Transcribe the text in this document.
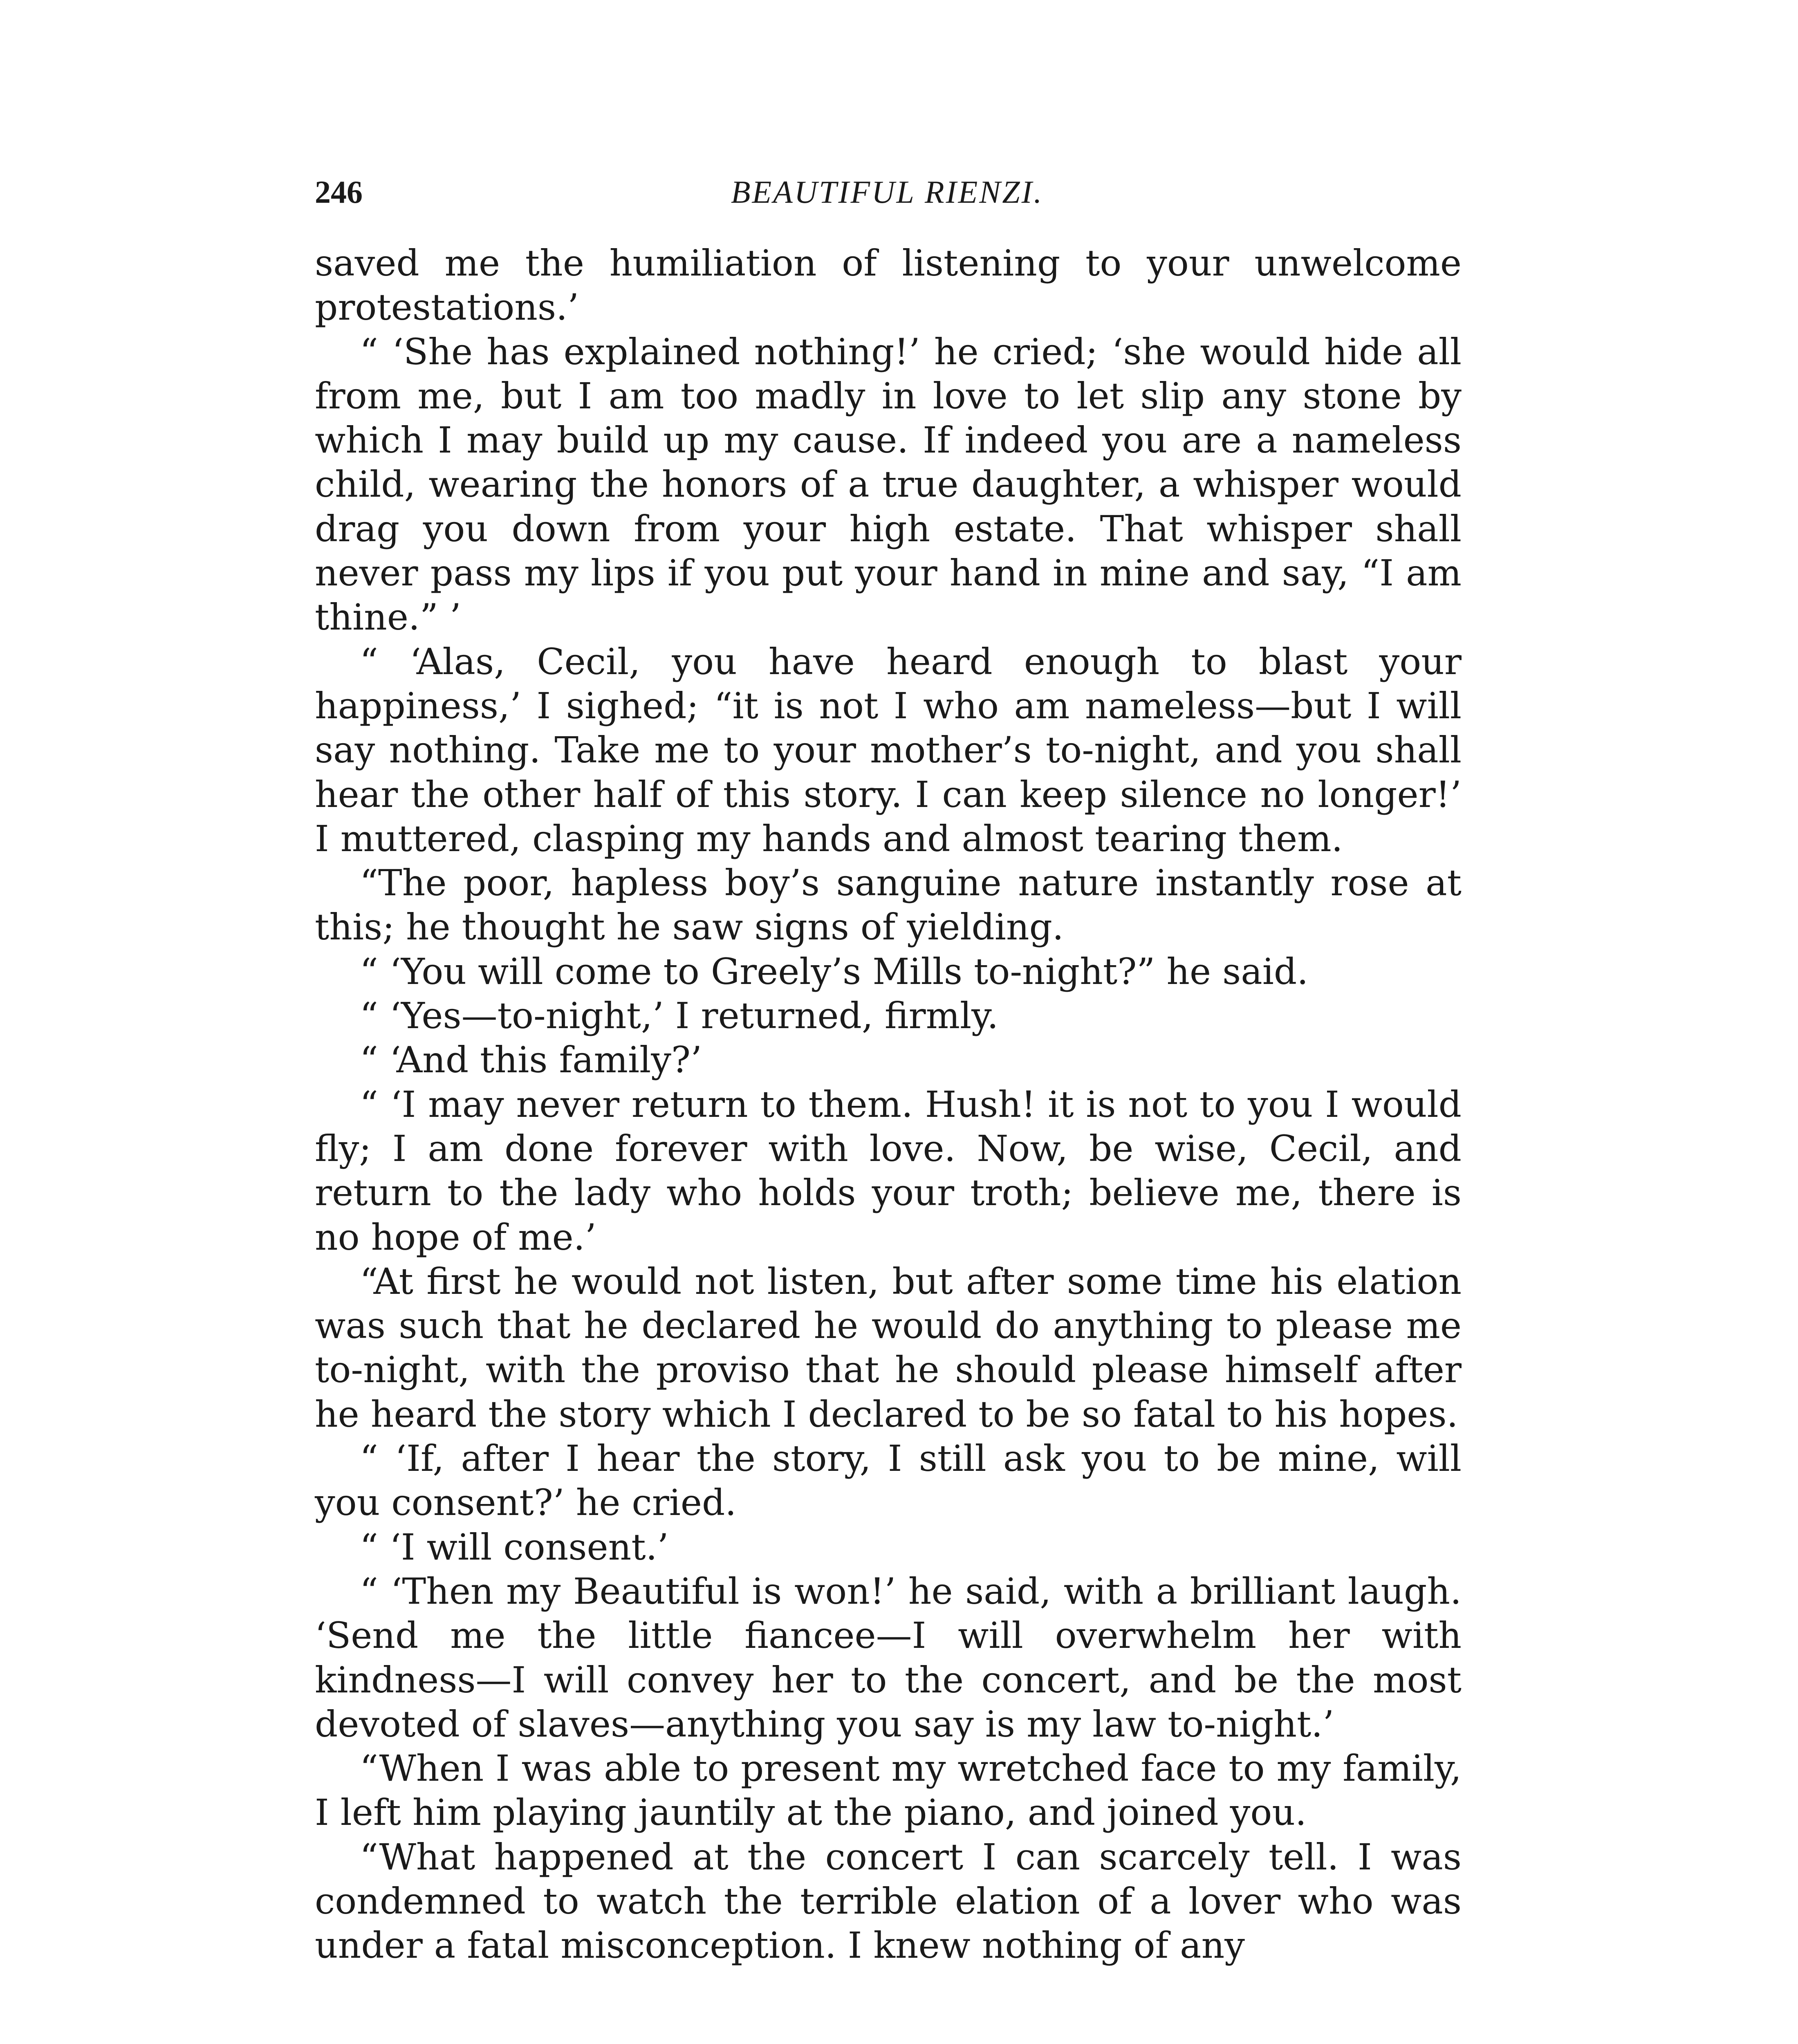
246	BEAUTIFUL RIENZI.

saved me the humiliation of listening to your unwelcome protestations.’

“ ‘She has explained nothing!’ he cried; ‘she would hide all from me, but I am too madly in love to let slip any stone by which I may build up my cause. If indeed you are a nameless child, wearing the honors of a true daughter, a whisper would drag you down from your high estate. That whisper shall never pass my lips if you put your hand in mine and say, “I am thine.” ’

“ ‘Alas, Cecil, you have heard enough to blast your happiness,’ I sighed; “it is not I who am nameless—but I will say nothing. Take me to your mother’s to-night, and you shall hear the other half of this story. I can keep silence no longer!’ I muttered, clasping my hands and almost tearing them.

“The poor, hapless boy’s sanguine nature instantly rose at this; he thought he saw signs of yielding.

“ ‘You will come to Greely’s Mills to-night?” he said.

“ ‘Yes—to-night,’ I returned, firmly.

“ ‘And this family?’

“ ‘I may never return to them. Hush! it is not to you I would fly; I am done forever with love. Now, be wise, Cecil, and return to the lady who holds your troth; believe me, there is no hope of me.’

“At first he would not listen, but after some time his elation was such that he declared he would do anything to please me to-night, with the proviso that he should please himself after he heard the story which I declared to be so fatal to his hopes.

“ ‘If, after I hear the story, I still ask you to be mine, will you consent?’ he cried.

“ ‘I will consent.’

“ ‘Then my Beautiful is won!’ he said, with a brilliant laugh. ‘Send me the little fiancee—I will overwhelm her with kindness—I will convey her to the concert, and be the most devoted of slaves—anything you say is my law to-night.’

“When I was able to present my wretched face to my family, I left him playing jauntily at the piano, and joined you.

“What happened at the concert I can scarcely tell. I was condemned to watch the terrible elation of a lover who was under a fatal misconception. I knew nothing of any
